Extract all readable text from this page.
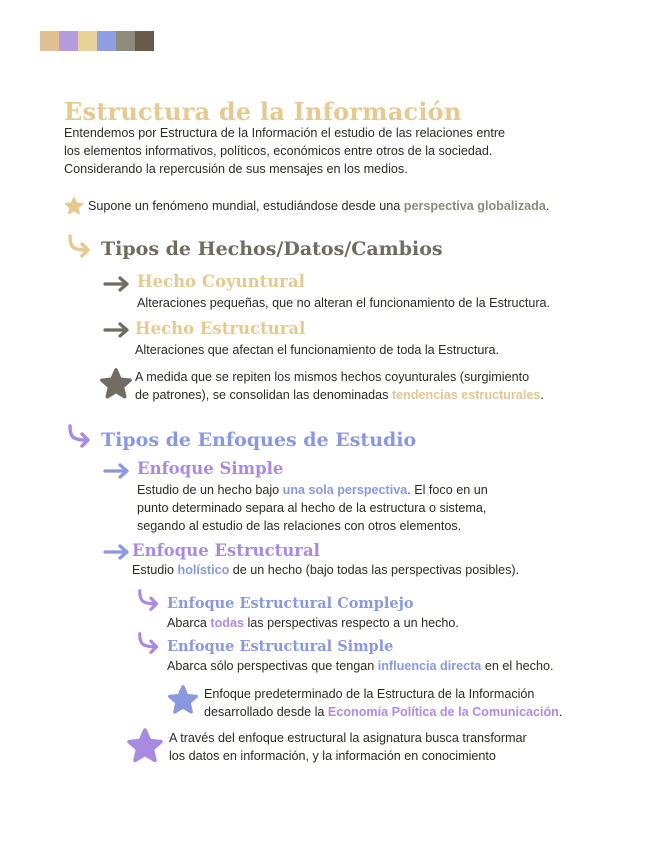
Estructura de la Información
Entendemos por Estructura de la Información el estudio de las relaciones entre
los elementos informativos, políticos, económicos entre otros de la sociedad.
Considerando la repercusión de sus mensajes en los medios.
Supone un fenómeno mundial, estudiándose desde una perspectiva globalizada.
Tipos de Hechos/Datos/Cambios
Hecho Coyuntural
Alteraciones pequeñas, que no alteran el funcionamiento de la Estructura.
Hecho Estructural
Alteraciones que afectan el funcionamiento de toda la Estructura.
A medida que se repiten los mismos hechos coyunturales (surgimiento
de patrones), se consolidan las denominadas tendencias estructurales.
Tipos de Enfoques de Estudio
Enfoque Simple
Estudio de un hecho bajo una sola perspectiva. El foco en un
punto determinado separa al hecho de la estructura o sistema,
segando al estudio de las relaciones con otros elementos.
Enfoque Estructural
Estudio holístico de un hecho (bajo todas las perspectivas posibles).
Enfoque Estructural Complejo
Abarca todas las perspectivas respecto a un hecho.
Enfoque Estructural Simple
Abarca sólo perspectivas que tengan influencia directa en el hecho.
Enfoque predeterminado de la Estructura de la Información
desarrollado desde la Economía Política de la Comunicación.
A través del enfoque estructural la asignatura busca transformar
los datos en información, y la información en conocimiento
